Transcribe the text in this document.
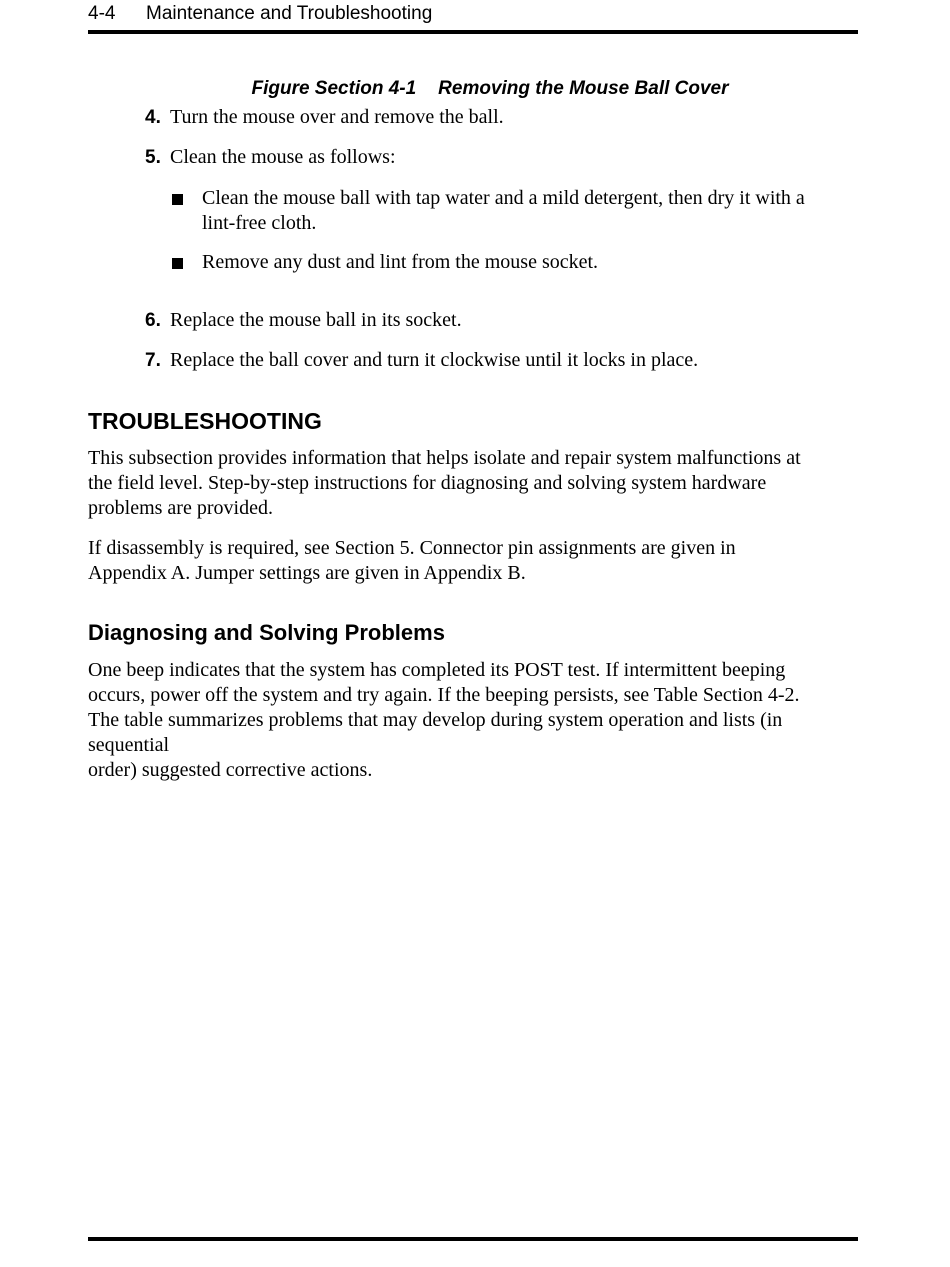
4-4 Maintenance and Troubleshooting
Figure Section 4-1 Removing the Mouse Ball Cover
4. Turn the mouse over and remove the ball.
5. Clean the mouse as follows:
Clean the mouse ball with tap water and a mild detergent, then dry it with a
lint-free cloth.
Remove any dust and lint from the mouse socket.
6. Replace the mouse ball in its socket.
7. Replace the ball cover and turn it clockwise until it locks in place.
TROUBLESHOOTING
This subsection provides information that helps isolate and repair system malfunctions at
the field level. Step-by-step instructions for diagnosing and solving system hardware
problems are provided.
If disassembly is required, see Section 5. Connector pin assignments are given in
Appendix A. Jumper settings are given in Appendix B.
Diagnosing and Solving Problems
One beep indicates that the system has completed its POST test. If intermittent beeping
occurs, power off the system and try again. If the beeping persists, see Table Section 4-2.
The table summarizes problems that may develop during system operation and lists (in
sequential
order) suggested corrective actions.
